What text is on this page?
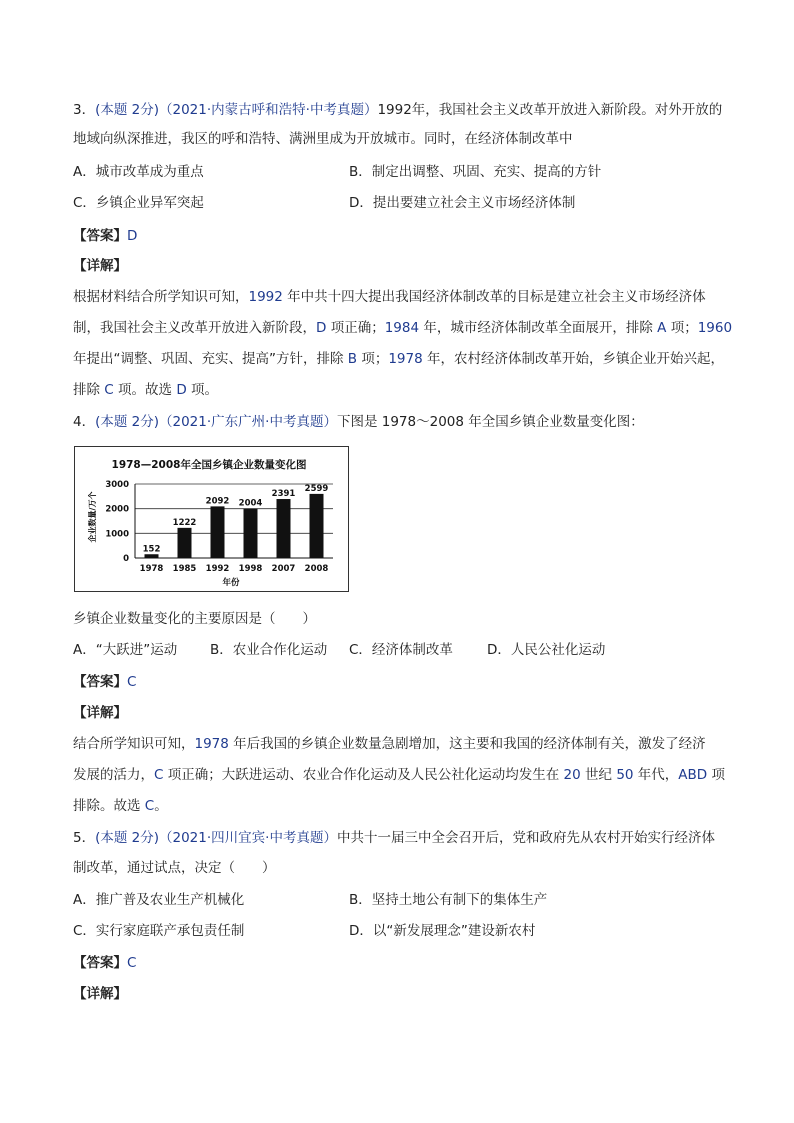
3．(本题 2分)（2021·内蒙古呼和浩特·中考真题）1992年，我国社会主义改革开放进入新阶段。对外开放的
地域向纵深推进，我区的呼和浩特、满洲里成为开放城市。同时，在经济体制改革中
A．城市改革成为重点	B．制定出调整、巩固、充实、提高的方针
C．乡镇企业异军突起	D．提出要建立社会主义市场经济体制
【答案】D
【详解】
根据材料结合所学知识可知，1992 年中共十四大提出我国经济体制改革的目标是建立社会主义市场经济体
制，我国社会主义改革开放进入新阶段，D 项正确；1984 年，城市经济体制改革全面展开，排除 A 项；1960
年提出“调整、巩固、充实、提高”方针，排除 B 项；1978 年，农村经济体制改革开始，乡镇企业开始兴起，
排除 C 项。故选 D 项。
4．(本题 2分)（2021·广东广州·中考真题）下图是 1978～2008 年全国乡镇企业数量变化图：
1978—2008年全国乡镇企业数量变化图
0
1000
2000
3000
1978 1985 1992 1998 2007 2008
152
1222
2092 2004
2391
2599
年份
企业数量/万个
乡镇企业数量变化的主要原因是（　　）
A．“大跃进”运动 B．农业合作化运动 C．经济体制改革	D．人民公社化运动
【答案】C
【详解】
结合所学知识可知，1978 年后我国的乡镇企业数量急剧增加，这主要和我国的经济体制有关，激发了经济
发展的活力，C 项正确；大跃进运动、农业合作化运动及人民公社化运动均发生在 20 世纪 50 年代，ABD 项
排除。故选 C。
5．(本题 2分)（2021·四川宜宾·中考真题）中共十一届三中全会召开后，党和政府先从农村开始实行经济体
制改革，通过试点，决定（　　）
A．推广普及农业生产机械化	B．坚持土地公有制下的集体生产
C．实行家庭联产承包责任制	D．以“新发展理念”建设新农村
【答案】C
【详解】
